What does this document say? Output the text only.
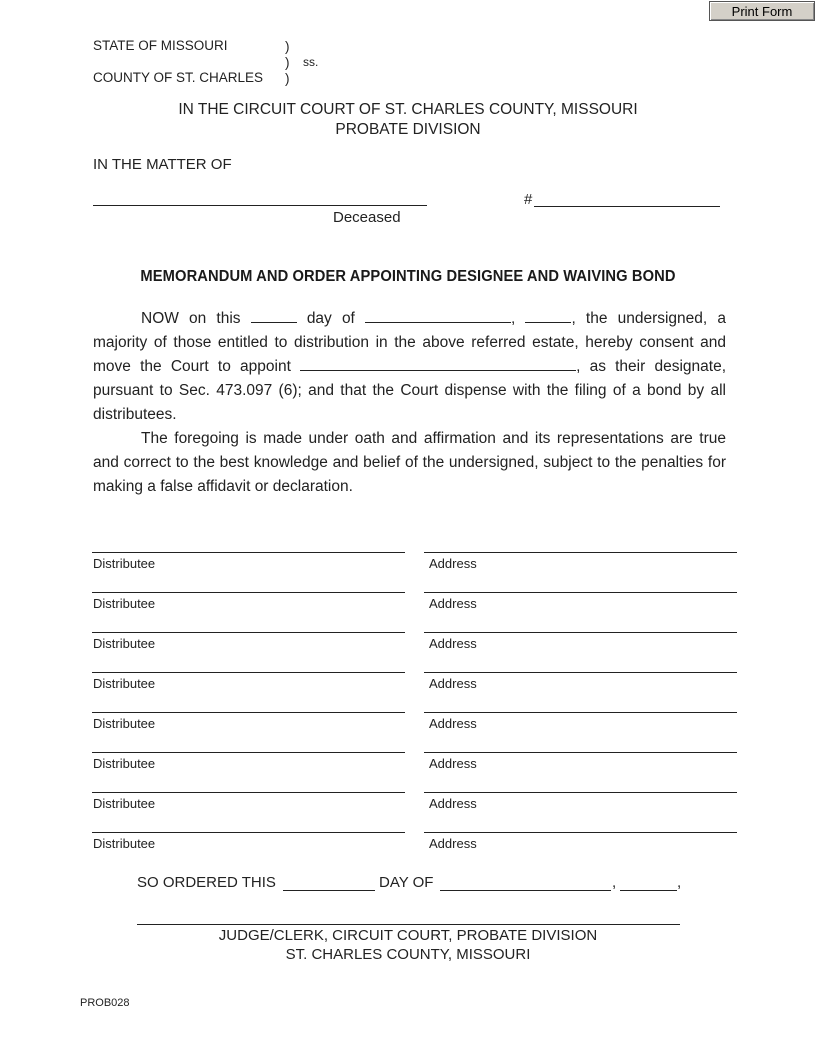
Print Form
STATE OF MISSOURI
COUNTY OF ST. CHARLES
)
)
)
ss.
IN THE CIRCUIT COURT OF ST. CHARLES COUNTY, MISSOURI
PROBATE DIVISION
IN THE MATTER OF
Deceased
#
MEMORANDUM AND ORDER APPOINTING DESIGNEE AND WAIVING BOND

NOW on this	day of	,	, the undersigned, a majority of those entitled to distribution in the above referred estate, hereby consent and move the Court to appoint	, as their designate, pursuant to Sec. 473.097 (6); and that the Court dispense with the filing of a bond by all distributees.

The foregoing is made under oath and affirmation and its representations are true and correct to the best knowledge and belief of the undersigned, subject to the penalties for making a false affidavit or declaration.

Distributee	Address
Distributee	Address
Distributee	Address
Distributee	Address
Distributee	Address
Distributee	Address
Distributee	Address
Distributee	Address
SO ORDERED THIS	DAY OF	,	,
JUDGE/CLERK, CIRCUIT COURT, PROBATE DIVISION
ST. CHARLES COUNTY, MISSOURI
PROB028
